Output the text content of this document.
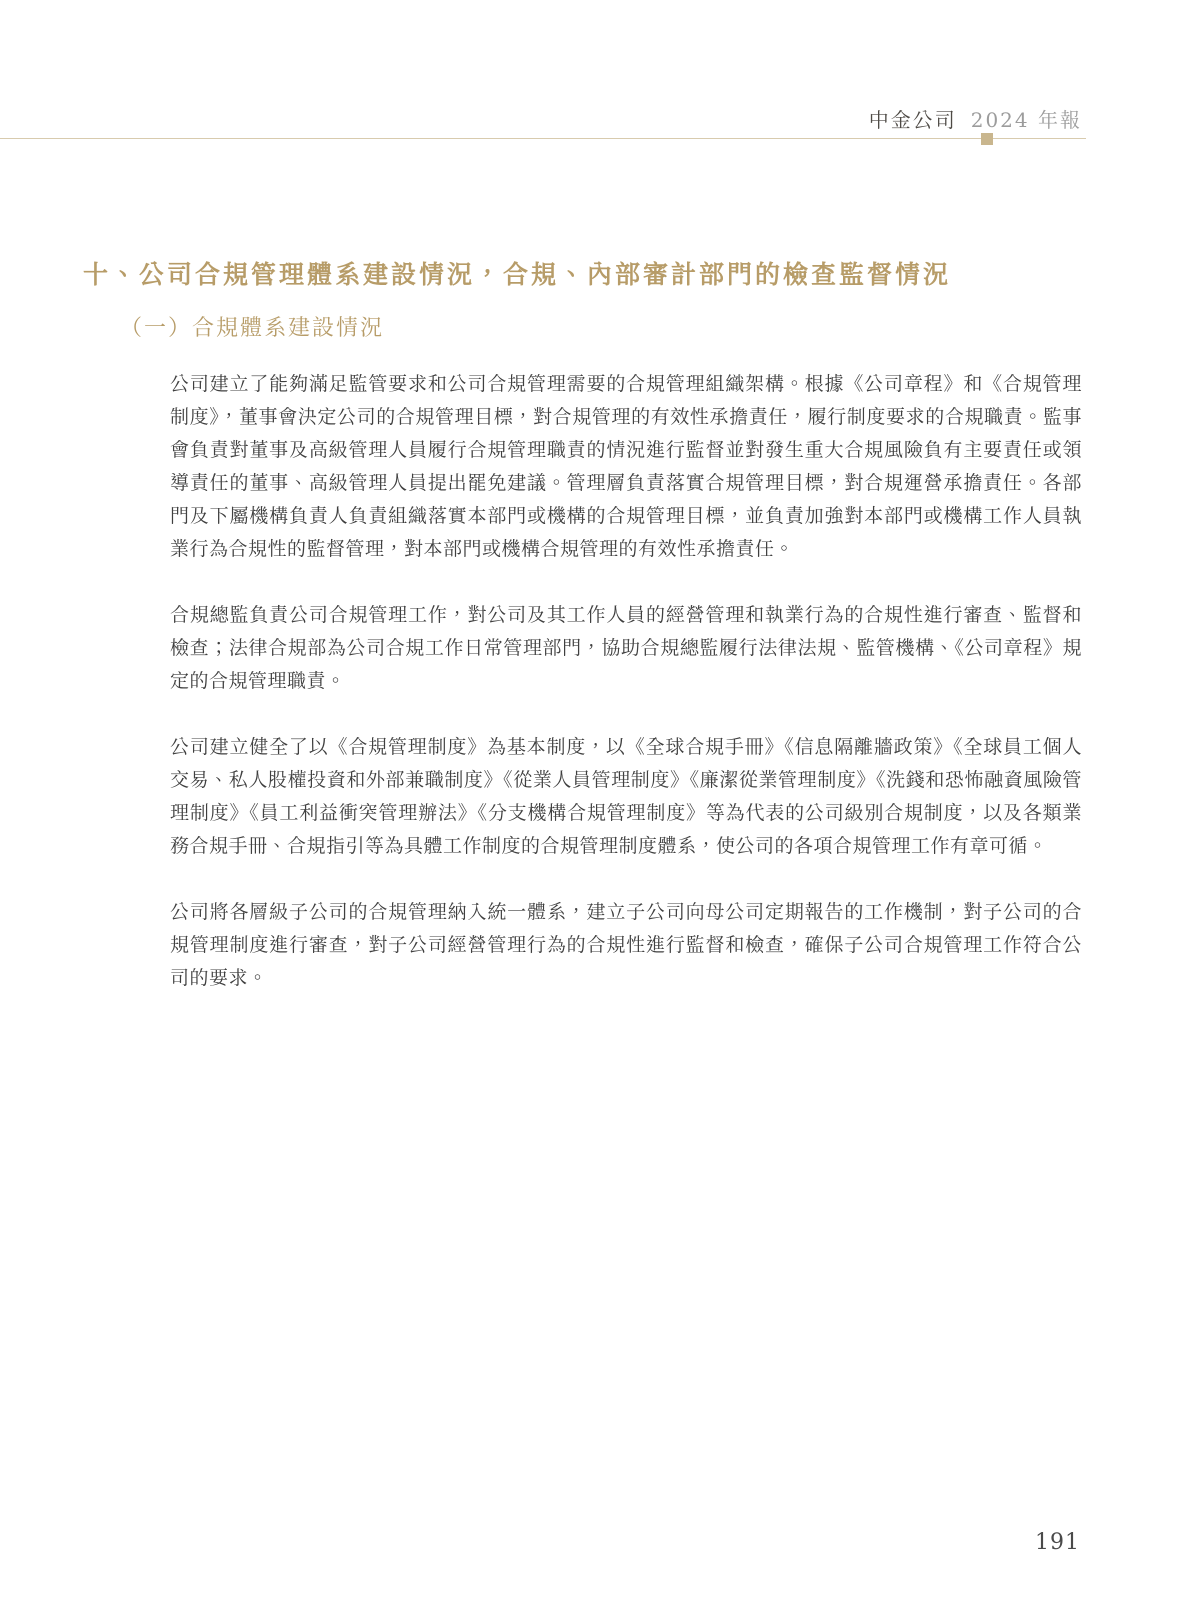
中金公司 2024 年報
十、公司合規管理體系建設情況，合規、內部審計部門的檢查監督情況
（一）合規體系建設情況

公司建立了能夠滿足監管要求和公司合規管理需要的合規管理組織架構。根據《公司章程》和《合規管理制度》，董事會決定公司的合規管理目標，對合規管理的有效性承擔責任，履行制度要求的合規職責。監事會負責對董事及高級管理人員履行合規管理職責的情況進行監督並對發生重大合規風險負有主要責任或領導責任的董事、高級管理人員提出罷免建議。管理層負責落實合規管理目標，對合規運營承擔責任。各部門及下屬機構負責人負責組織落實本部門或機構的合規管理目標，並負責加強對本部門或機構工作人員執業行為合規性的監督管理，對本部門或機構合規管理的有效性承擔責任。

合規總監負責公司合規管理工作，對公司及其工作人員的經營管理和執業行為的合規性進行審查、監督和檢查；法律合規部為公司合規工作日常管理部門，協助合規總監履行法律法規、監管機構、《公司章程》規定的合規管理職責。

公司建立健全了以《合規管理制度》為基本制度，以《全球合規手冊》《信息隔離牆政策》《全球員工個人交易、私人股權投資和外部兼職制度》《從業人員管理制度》《廉潔從業管理制度》《洗錢和恐怖融資風險管理制度》《員工利益衝突管理辦法》《分支機構合規管理制度》等為代表的公司級別合規制度，以及各類業務合規手冊、合規指引等為具體工作制度的合規管理制度體系，使公司的各項合規管理工作有章可循。

公司將各層級子公司的合規管理納入統一體系，建立子公司向母公司定期報告的工作機制，對子公司的合規管理制度進行審查，對子公司經營管理行為的合規性進行監督和檢查，確保子公司合規管理工作符合公司的要求。

191
